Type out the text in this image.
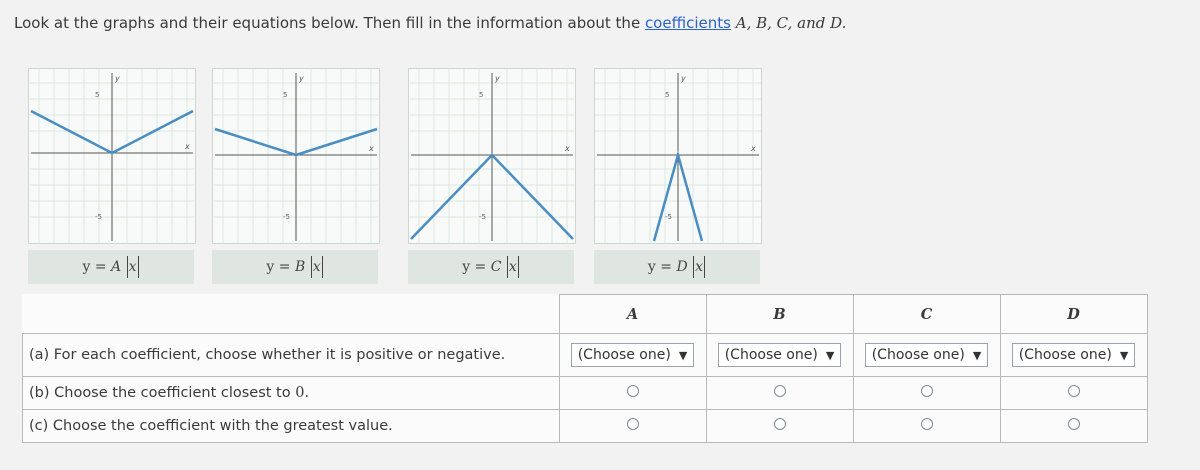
Look at the graphs and their equations below. Then fill in the information about the coefficients A, B, C, and D.
y
x
5
-5
y =
A
x
y
x
5
-5
y =
B
x
y
x
5
-5
y =
C
x
y
x
5
-5
y =
D
x
	A	B	C	D
(a) For each coefficient, choose whether it is positive or negative.	(Choose one) ▼	(Choose one) ▼	(Choose one) ▼	(Choose one) ▼
(b) Choose the coefficient closest to 0.				
(c) Choose the coefficient with the greatest value.				
